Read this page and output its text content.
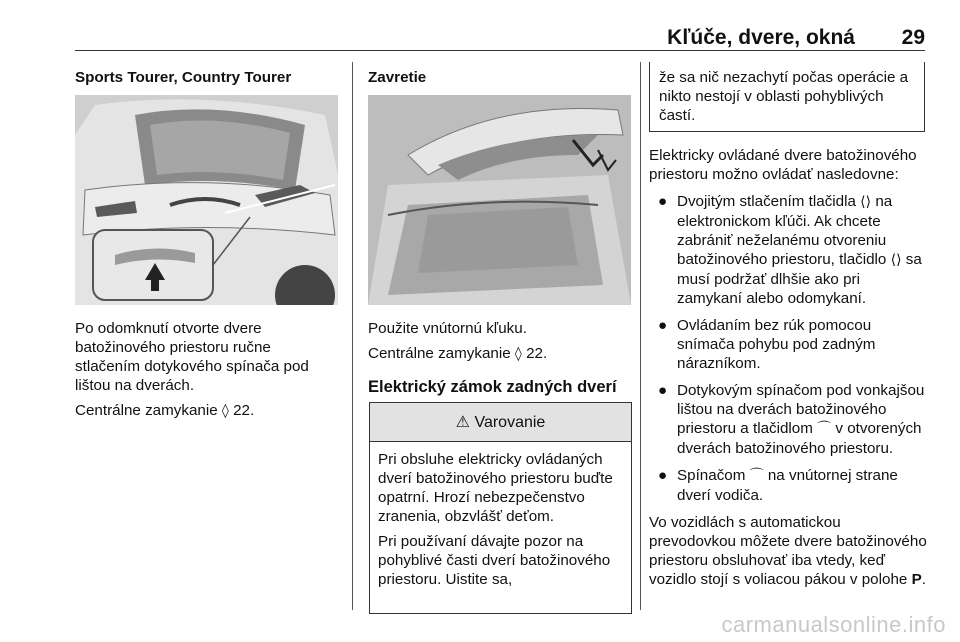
Kľúče, dvere, okná 29
Sports Tourer, Country Tourer

Po odomknutí otvorte dvere batožinového priestoru ručne stlačením dotykového spínača pod lištou na dverách.

Centrálne zamykanie ◊ 22.

Zavretie

Použite vnútornú kľuku.

Centrálne zamykanie ◊ 22.

Elektrický zámok zadných dverí
⚠ Varovanie

Pri obsluhe elektricky ovládaných dverí batožinového priestoru buďte opatrní. Hrozí nebezpečenstvo zranenia, obzvlášť deťom.

Pri používaní dávajte pozor na pohyblivé časti dverí batožinového priestoru. Uistite sa,

že sa nič nezachytí počas operácie a nikto nestojí v oblasti pohyblivých častí.

Elektricky ovládané dvere batožinového priestoru možno ovládať nasledovne:

● Dvojitým stlačením tlačidla ⟨⟩ na elektronickom kľúči. Ak chcete zabrániť neželanému otvoreniu batožinového priestoru, tlačidlo ⟨⟩ sa musí podržať dlhšie ako pri zamykaní alebo odomykaní.
● Ovládaním bez rúk pomocou snímača pohybu pod zadným nárazníkom.
● Dotykovým spínačom pod vonkajšou lištou na dverách batožinového priestoru a tlačidlom ⌒ v otvorených dverách batožinového priestoru.
● Spínačom ⌒ na vnútornej strane dverí vodiča.

Vo vozidlách s automatickou prevodovkou môžete dvere batožinového priestoru obsluhovať iba vtedy, keď vozidlo stojí s voliacou pákou v polohe P.

carmanualsonline.info
